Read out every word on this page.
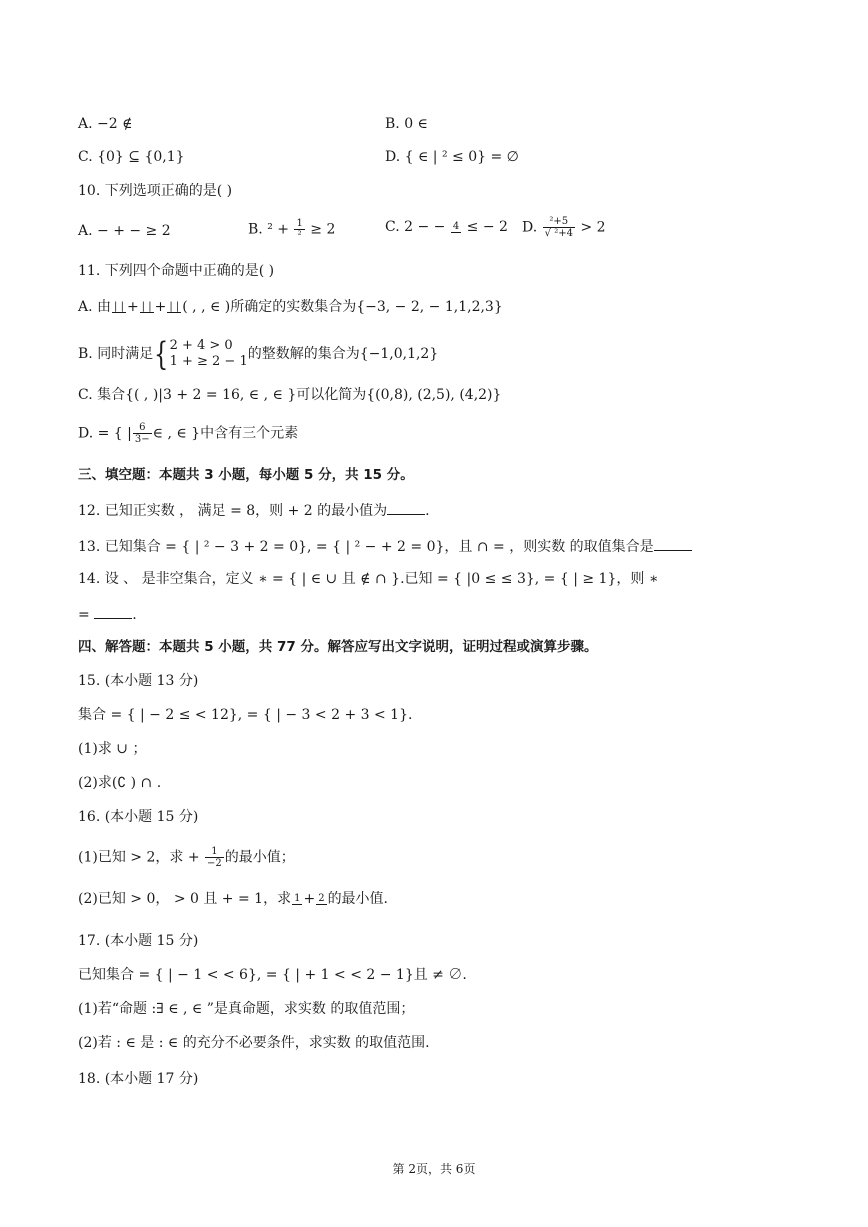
A. −2 ∉	B. 0 ∈
C. {0} ⊆ {0,1}	D. { ∈ | ² ≤ 0} = ∅
10. 下列选项正确的是( )
A. − + − ≥ 2	B. ² + 1
² ≥ 2	C. 2 − − 4 ≤ − 2 D. $\frac{\text{²+5}}{\text{√ ²+4}} > 2$
11. 下列四个命题中正确的是( )
A. 由 | | + | | + | | ( , , ∈ )所确定的实数集合为{−3, − 2, − 1,1,2,3}
B. 同时满足{ 2 + 4 > 0
1 + ≥ 2 − 1 的整数解的集合为{−1,0,1,2}
C. 集合{( , )|3 + 2 = 16, ∈ , ∈ }可以化简为{(0,8), (2,5), (4,2)}
D. = { | $\frac{6}{3-}$ ∈ , ∈ }中含有三个元素
三、填空题：本题共 3 小题，每小题 5 分，共 15 分。
12. 已知正实数 ， 满足 = 8，则 + 2 的最小值为	.
13. 已知集合 = { | ² − 3 + 2 = 0}, = { | ² − + 2 = 0}，且 ∩ = ，则实数 的取值集合是
14. 设 、 是非空集合，定义 ∗ = { | ∈ ∪ 且 ∉ ∩ }.已知 = { |0 ≤ ≤ 3}, = { | ≥ 1}，则 ∗
=	.
四、解答题：本题共 5 小题，共 77 分。解答应写出文字说明，证明过程或演算步骤。
15. (本小题 13 分)
集合 = { | − 2 ≤ < 12}, = { | − 3 < 2 + 3 < 1}.
(1)求 ∪ ；
(2)求(∁ ) ∩ .
16. (本小题 15 分)
(1)已知 > 2，求 + $\frac{1}{-2}$ 的最小值；
(2)已知 > 0， > 0 且 + = 1，求 1 + 2 的最小值.
17. (本小题 15 分)
已知集合 = { | − 1 < < 6}, = { | + 1 < < 2 − 1}且 ≠ ∅.
(1)若“命题 :∃ ∈ , ∈ ”是真命题，求实数 的取值范围；
(2)若 : ∈ 是 : ∈ 的充分不必要条件，求实数 的取值范围.
18. (本小题 17 分)
第 2页，共 6页
